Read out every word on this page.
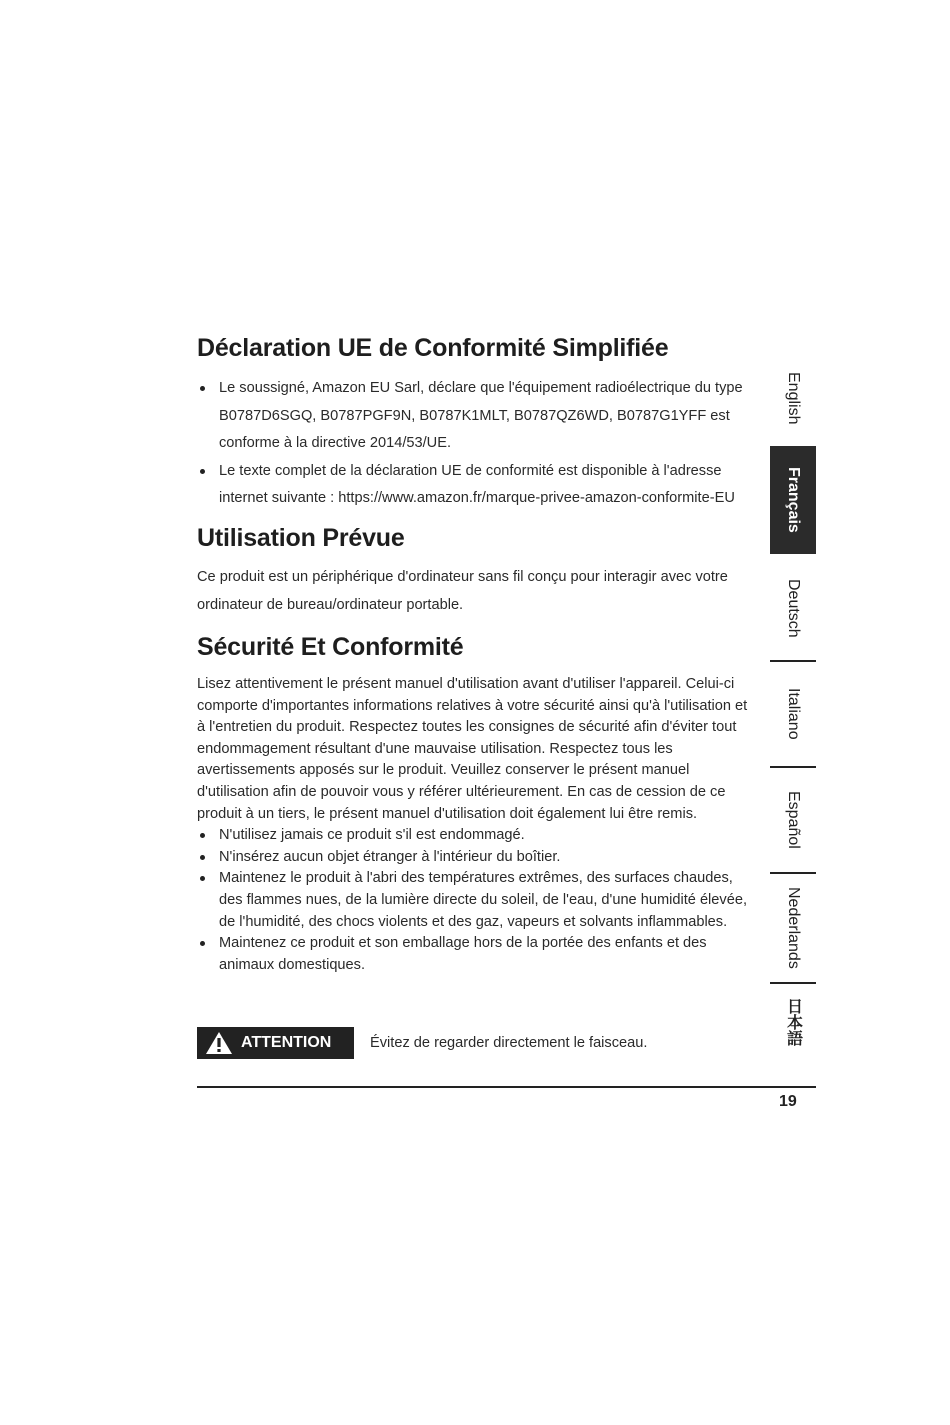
Déclaration UE de Conformité Simplifiée
Le soussigné, Amazon EU Sarl, déclare que l'équipement radioélectrique du type B0787D6SGQ, B0787PGF9N, B0787K1MLT, B0787QZ6WD, B0787G1YFF est conforme à la directive 2014/53/UE.
Le texte complet de la déclaration UE de conformité est disponible à l'adresse internet suivante : https://www.amazon.fr/marque-privee-amazon-conformite-EU
Utilisation Prévue

Ce produit est un périphérique d'ordinateur sans fil conçu pour interagir avec votre ordinateur de bureau/ordinateur portable.

Sécurité Et Conformité

Lisez attentivement le présent manuel d'utilisation avant d'utiliser l'appareil. Celui-ci comporte d'importantes informations relatives à votre sécurité ainsi qu'à l'utilisation et à l'entretien du produit. Respectez toutes les consignes de sécurité afin d'éviter tout endommagement résultant d'une mauvaise utilisation. Respectez tous les avertissements apposés sur le produit. Veuillez conserver le présent manuel d'utilisation afin de pouvoir vous y référer ultérieurement. En cas de cession de ce produit à un tiers, le présent manuel d'utilisation doit également lui être remis.

N'utilisez jamais ce produit s'il est endommagé.
N'insérez aucun objet étranger à l'intérieur du boîtier.
Maintenez le produit à l'abri des températures extrêmes, des surfaces chaudes, des flammes nues, de la lumière directe du soleil, de l'eau, d'une humidité élevée, de l'humidité, des chocs violents et des gaz, vapeurs et solvants inflammables.
Maintenez ce produit et son emballage hors de la portée des enfants et des animaux domestiques.
ATTENTION	Évitez de regarder directement le faisceau.
19
English
Français
Deutsch
Italiano
Español
Nederlands
日本語
